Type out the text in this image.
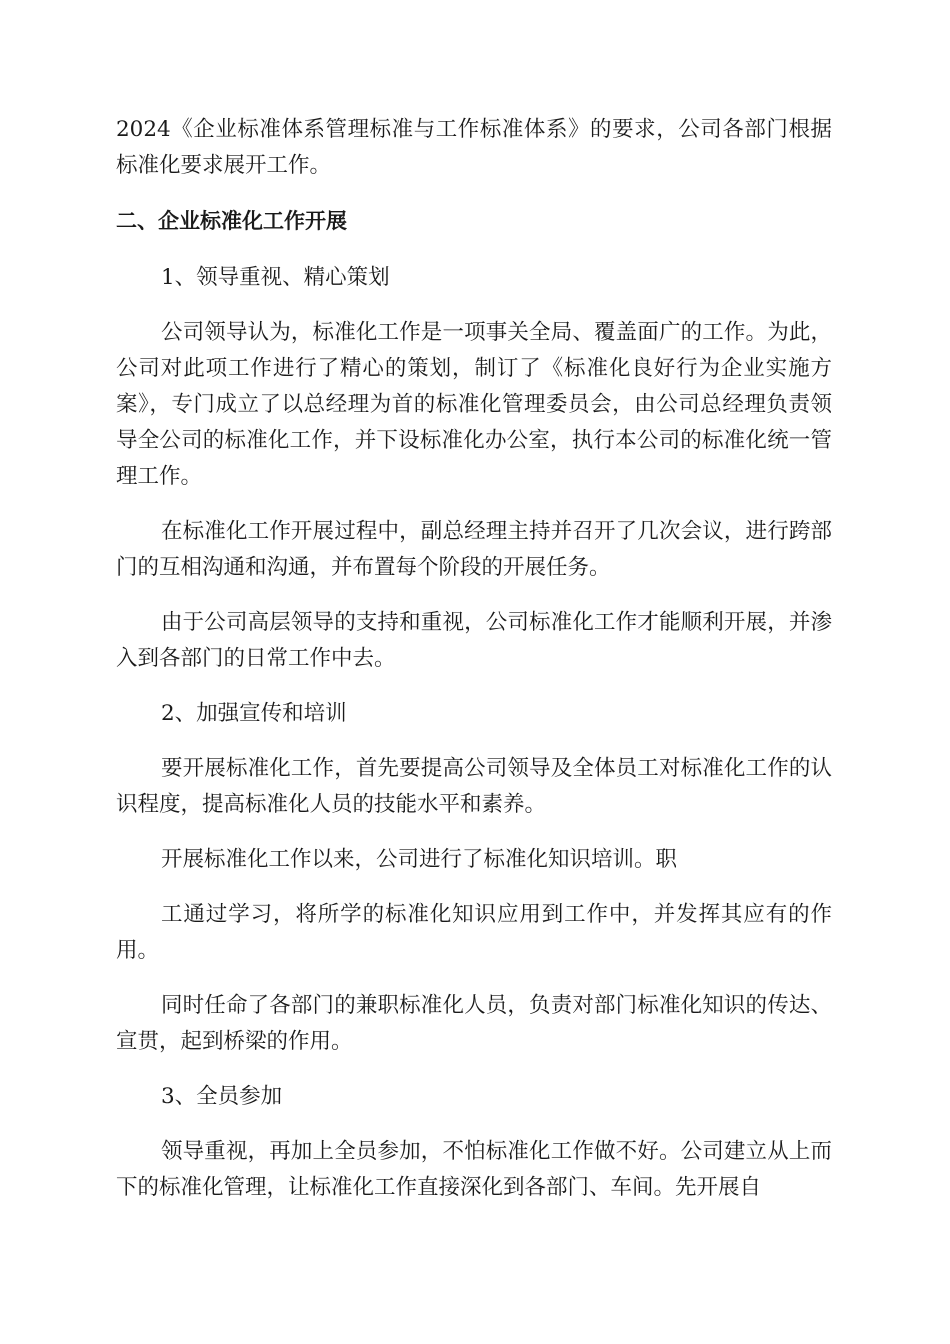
2024《企业标准体系管理标准与工作标准体系》的要求，公司各部门根据标准化要求展开工作。

二、企业标准化工作开展

1、领导重视、精心策划

公司领导认为，标准化工作是一项事关全局、覆盖面广的工作。为此，公司对此项工作进行了精心的策划，制订了《标准化良好行为企业实施方案》，专门成立了以总经理为首的标准化管理委员会，由公司总经理负责领导全公司的标准化工作，并下设标准化办公室，执行本公司的标准化统一管理工作。

在标准化工作开展过程中，副总经理主持并召开了几次会议，进行跨部门的互相沟通和沟通，并布置每个阶段的开展任务。

由于公司高层领导的支持和重视，公司标准化工作才能顺利开展，并渗入到各部门的日常工作中去。

2、加强宣传和培训

要开展标准化工作，首先要提高公司领导及全体员工对标准化工作的认识程度，提高标准化人员的技能水平和素养。

开展标准化工作以来，公司进行了标准化知识培训。职

工通过学习，将所学的标准化知识应用到工作中，并发挥其应有的作用。

同时任命了各部门的兼职标准化人员，负责对部门标准化知识的传达、宣贯，起到桥梁的作用。

3、全员参加

领导重视，再加上全员参加，不怕标准化工作做不好。公司建立从上而下的标准化管理，让标准化工作直接深化到各部门、车间。先开展自
